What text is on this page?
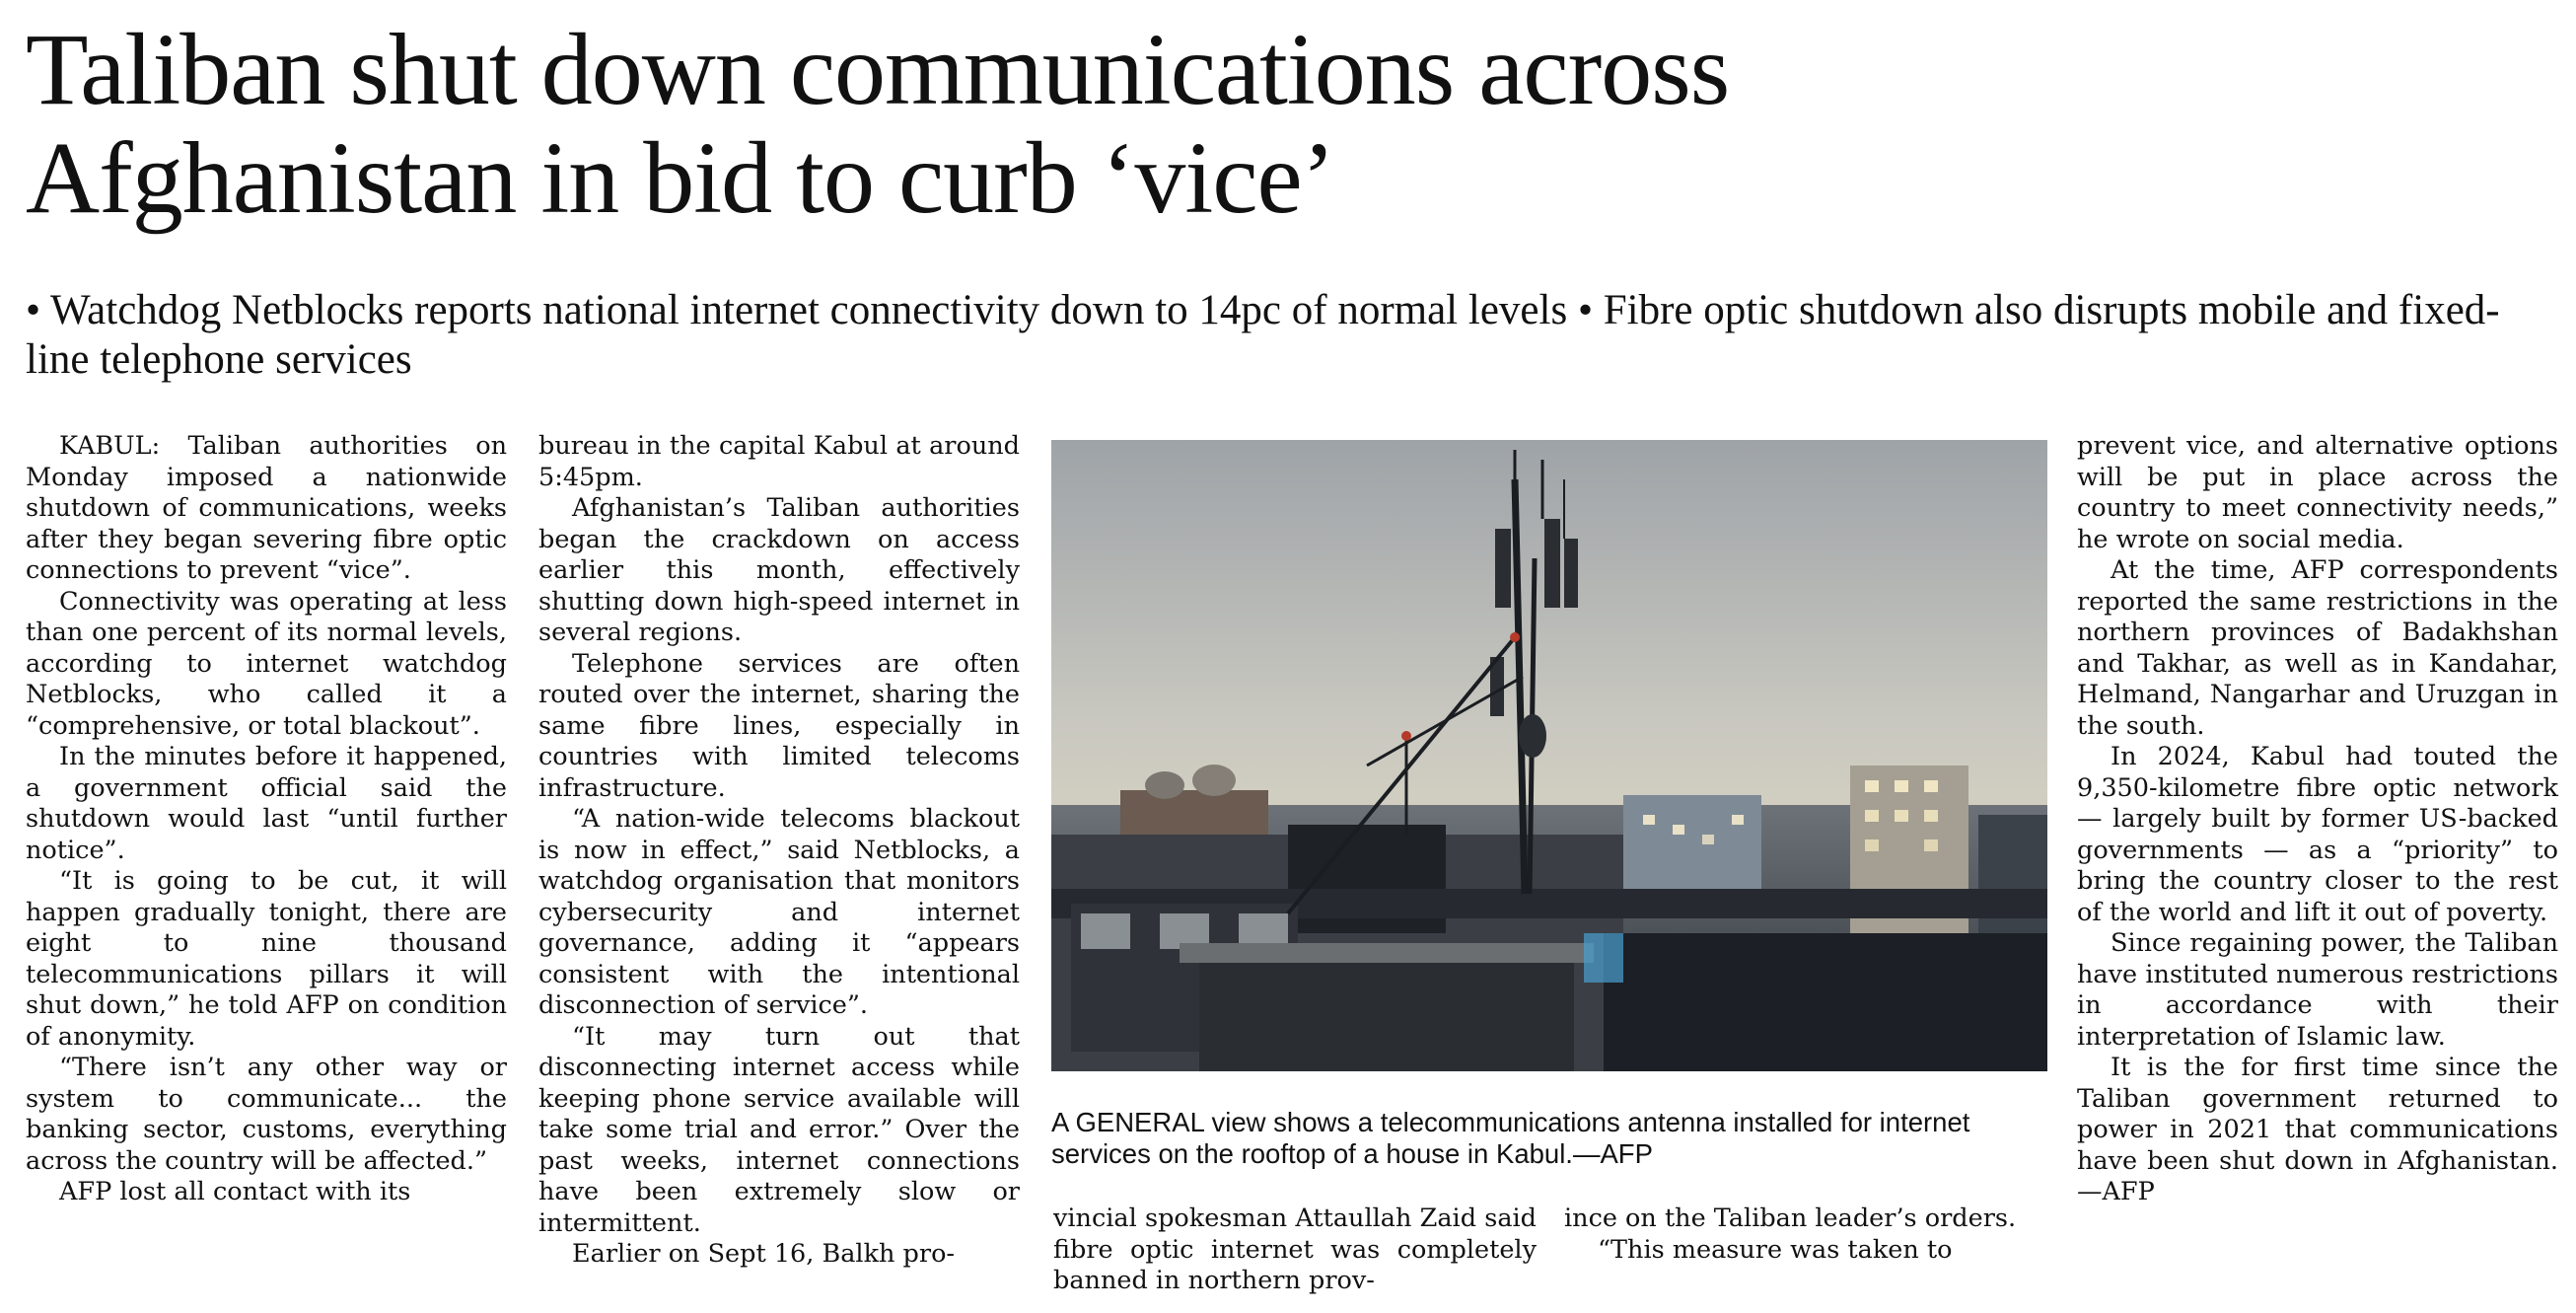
Taliban shut down communications across
Afghanistan in bid to curb ‘vice’
• Watchdog Netblocks reports national internet connectivity down to 14pc of normal levels • Fibre optic shutdown also disrupts mobile and fixed-line telephone services

KABUL: Taliban authorities on Monday imposed a nationwide shutdown of communications, weeks after they began severing fibre optic connections to prevent “vice”.

Connectivity was operating at less than one percent of its normal levels, according to internet watchdog Netblocks, who called it a “comprehensive, or total blackout”.

In the minutes before it happened, a government official said the shutdown would last “until further notice”.

“It is going to be cut, it will happen gradually tonight, there are eight to nine thousand telecommunications pillars it will shut down,” he told AFP on condition of anonymity.

“There isn’t any other way or system to communicate... the banking sector, customs, everything across the country will be affected.”

AFP lost all contact with its

bureau in the capital Kabul at around 5:45pm.

Afghanistan’s Taliban authorities began the crackdown on access earlier this month, effectively shutting down high-speed internet in several regions.

Telephone services are often routed over the internet, sharing the same fibre lines, especially in countries with limited telecoms infrastructure.

“A nation-wide telecoms blackout is now in effect,” said Netblocks, a watchdog organisation that monitors cybersecurity and internet governance, adding it “appears consistent with the intentional disconnection of service”.

“It may turn out that disconnecting internet access while keeping phone service available will take some trial and error.” Over the past weeks, internet connections have been extremely slow or intermittent.

Earlier on Sept 16, Balkh pro-

A GENERAL view shows a telecommunications antenna installed for internet services on the rooftop of a house in Kabul.—AFP

vincial spokesman Attaullah Zaid said fibre optic internet was completely banned in northern prov-

ince on the Taliban leader’s orders.

“This measure was taken to

prevent vice, and alternative options will be put in place across the country to meet connectivity needs,” he wrote on social media.

At the time, AFP correspondents reported the same restrictions in the northern provinces of Badakhshan and Takhar, as well as in Kandahar, Helmand, Nangarhar and Uruzgan in the south.

In 2024, Kabul had touted the 9,350-kilometre fibre optic network — largely built by former US-backed governments — as a “priority” to bring the country closer to the rest of the world and lift it out of poverty.

Since regaining power, the Taliban have instituted numerous restrictions in accordance with their interpretation of Islamic law.

It is the for first time since the Taliban government returned to power in 2021 that communications have been shut down in Afghanistan. —AFP
